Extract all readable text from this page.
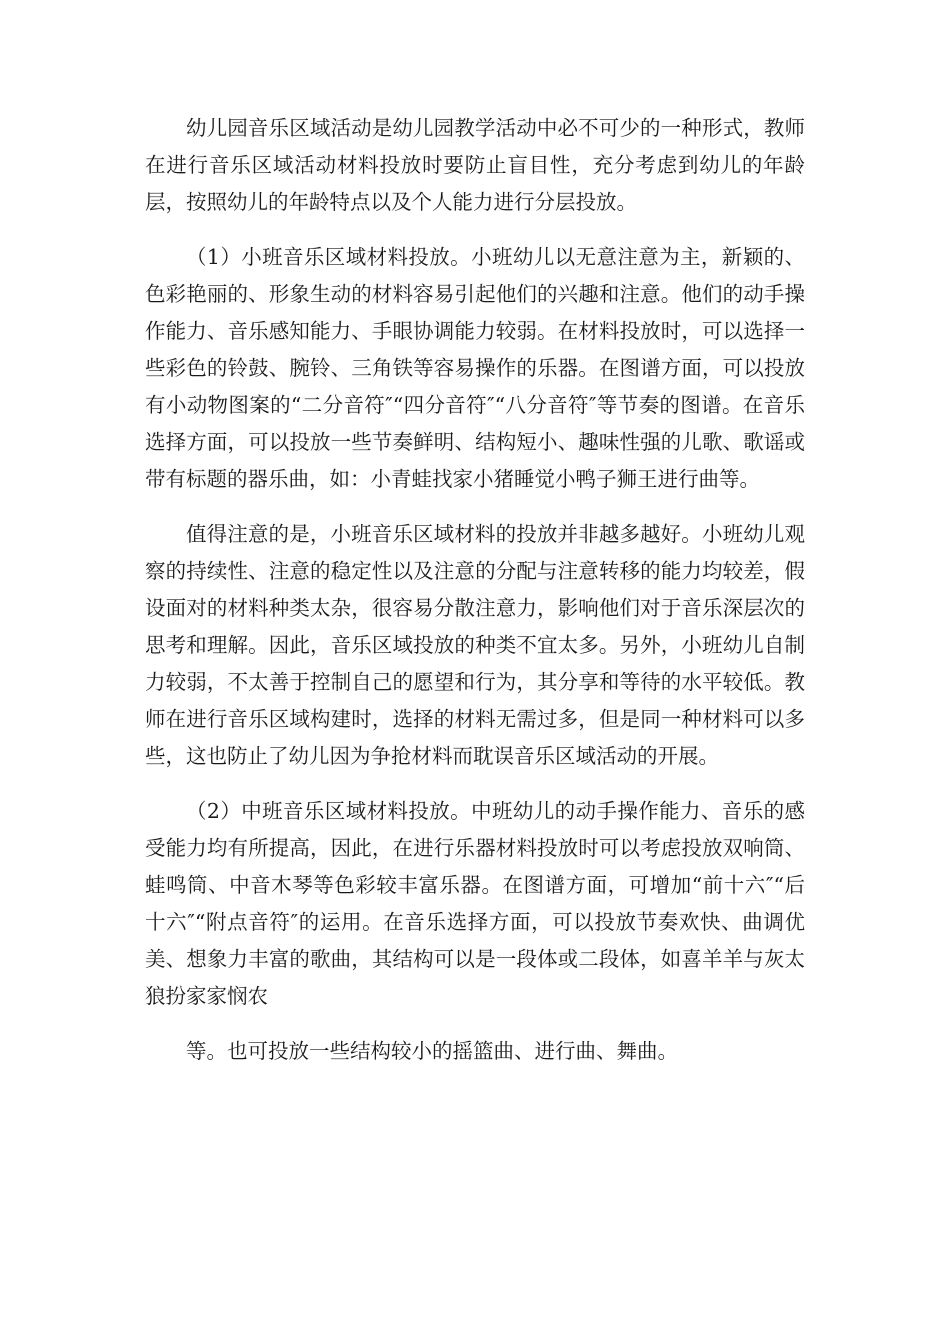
幼儿园音乐区域活动是幼儿园教学活动中必不可少的一种形式，教师在进行音乐区域活动材料投放时要防止盲目性，充分考虑到幼儿的年龄层，按照幼儿的年龄特点以及个人能力进行分层投放。

（1）小班音乐区域材料投放。小班幼儿以无意注意为主，新颖的、色彩艳丽的、形象生动的材料容易引起他们的兴趣和注意。他们的动手操作能力、音乐感知能力、手眼协调能力较弱。在材料投放时，可以选择一些彩色的铃鼓、腕铃、三角铁等容易操作的乐器。在图谱方面，可以投放有小动物图案的“二分音符″“四分音符″“八分音符″等节奏的图谱。在音乐选择方面，可以投放一些节奏鲜明、结构短小、趣味性强的儿歌、歌谣或带有标题的器乐曲，如：小青蛙找家小猪睡觉小鸭子狮王进行曲等。

值得注意的是，小班音乐区域材料的投放并非越多越好。小班幼儿观察的持续性、注意的稳定性以及注意的分配与注意转移的能力均较差，假设面对的材料种类太杂，很容易分散注意力，影响他们对于音乐深层次的思考和理解。因此，音乐区域投放的种类不宜太多。另外，小班幼儿自制力较弱，不太善于控制自己的愿望和行为，其分享和等待的水平较低。教师在进行音乐区域构建时，选择的材料无需过多，但是同一种材料可以多些，这也防止了幼儿因为争抢材料而耽误音乐区域活动的开展。

（2）中班音乐区域材料投放。中班幼儿的动手操作能力、音乐的感受能力均有所提高，因此，在进行乐器材料投放时可以考虑投放双响筒、蛙鸣筒、中音木琴等色彩较丰富乐器。在图谱方面，可增加“前十六″“后十六″“附点音符″的运用。在音乐选择方面，可以投放节奏欢快、曲调优美、想象力丰富的歌曲，其结构可以是一段体或二段体，如喜羊羊与灰太狼扮家家悯农

等。也可投放一些结构较小的摇篮曲、进行曲、舞曲。
